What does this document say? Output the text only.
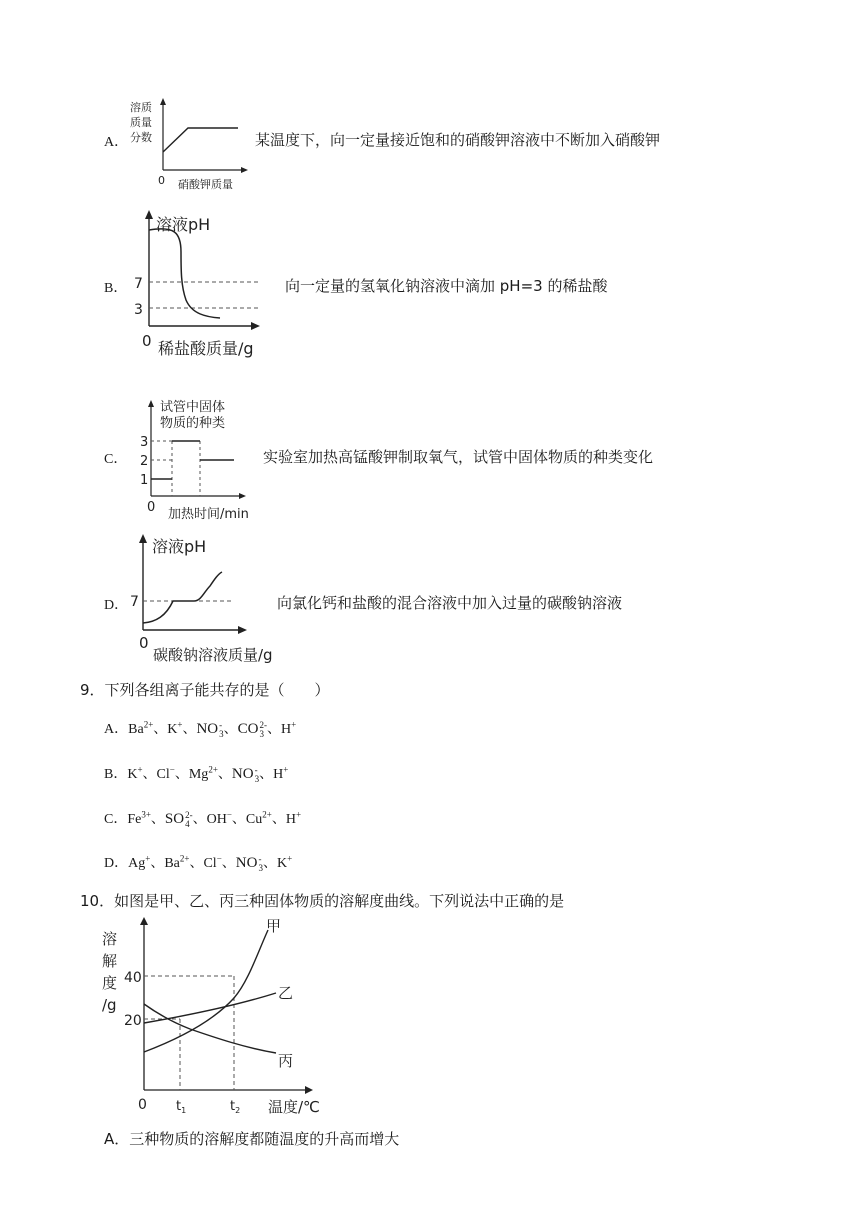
A．
溶质
质量
分数
0 硝酸钾质量
某温度下，向一定量接近饱和的硝酸钾溶液中不断加入硝酸钾
B．
溶液pH
7
3
0 稀盐酸质量/g
向一定量的氢氧化钠溶液中滴加 pH=3 的稀盐酸
C．
试管中固体
物质的种类
3
2
1
0 加热时间/min
实验室加热高锰酸钾制取氧气，试管中固体物质的种类变化
D．
溶液pH
7
0
碳酸钠溶液质量/g
向氯化钙和盐酸的混合溶液中加入过量的碳酸钠溶液
9．下列各组离子能共存的是（　　）
A．$Ba^{2+}$、K+、NO -
3 、CO 2-
3 、H+
B．K+、Cl−、$Mg^{2+}$、NO -
3 、H+
C．$Fe^{3+}$、SO 2-
4 、OH−、$Cu^{2+}$、H+
D．Ag+、$Ba^{2+}$、Cl−、NO -
3 、K+
10．如图是甲、乙、丙三种固体物质的溶解度曲线。下列说法中正确的是
溶
解
度
/g
40
20
0 $t_1$	$t_2$ 温度/℃
甲
乙
丙
A．三种物质的溶解度都随温度的升高而增大
